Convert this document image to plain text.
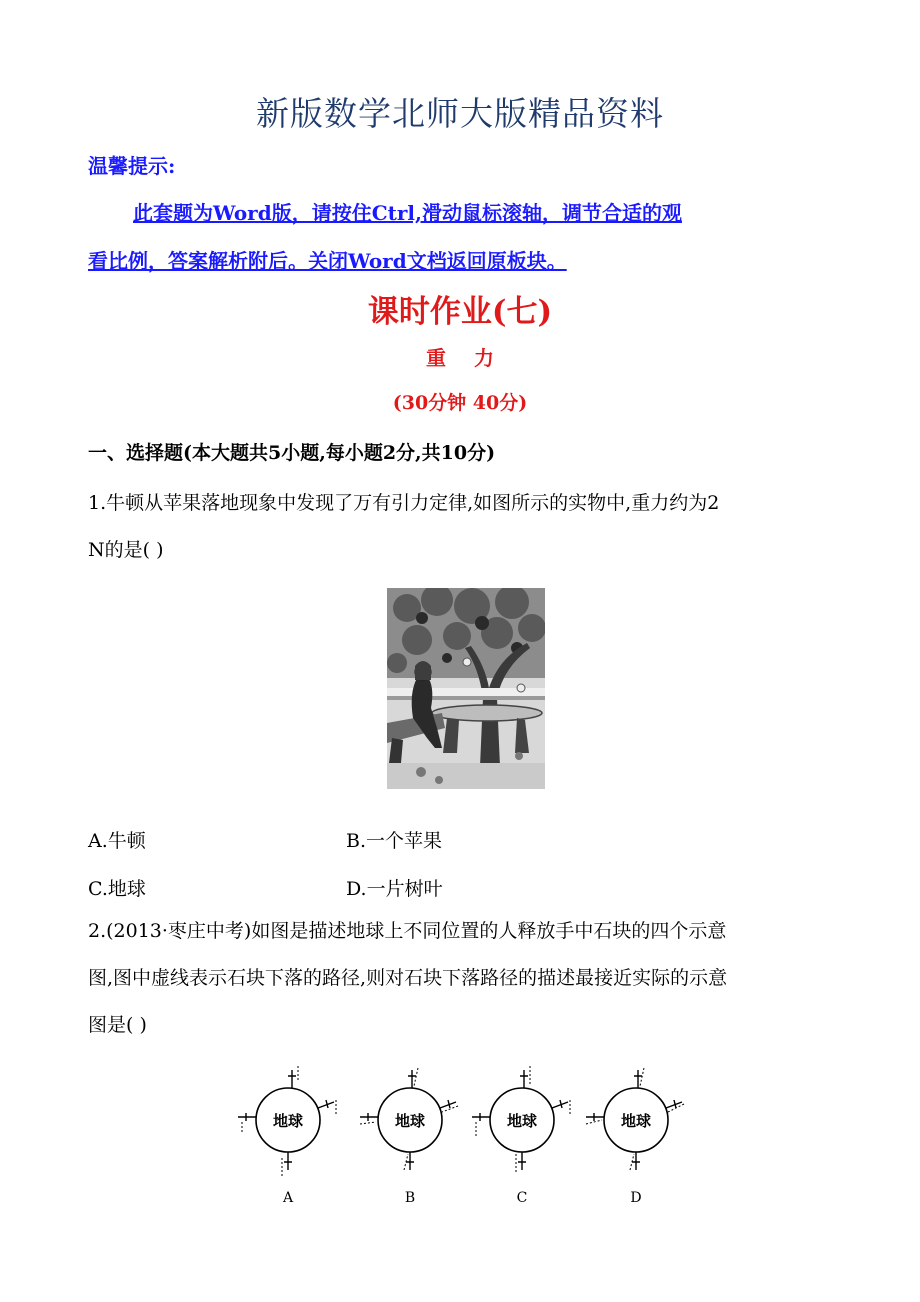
新版数学北师大版精品资料
温馨提示:
此套题为Word版，请按住Ctrl,滑动鼠标滚轴，调节合适的观
看比例，答案解析附后。关闭Word文档返回原板块。
课时作业(七)
重力
(30分钟 40分)
一、选择题(本大题共5小题,每小题2分,共10分)
1.牛顿从苹果落地现象中发现了万有引力定律,如图所示的实物中,重力约为2
N的是( )
A.牛顿	B.一个苹果
C.地球	D.一片树叶
2.(2013·枣庄中考)如图是描述地球上不同位置的人释放手中石块的四个示意
图,图中虚线表示石块下落的路径,则对石块下落路径的描述最接近实际的示意
图是( )
地球
A
地球
B
地球
C
地球
D
